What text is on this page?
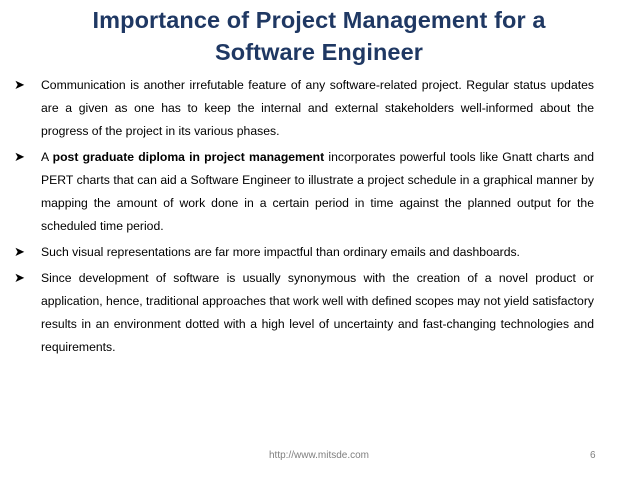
Importance of Project Management for a
Software Engineer
➤ Communication is another irrefutable feature of any software-related project. Regular status updates are a given as one has to keep the internal and external stakeholders well-informed about the progress of the project in its various phases.
➤ A post graduate diploma in project management incorporates powerful tools like Gnatt charts and PERT charts that can aid a Software Engineer to illustrate a project schedule in a graphical manner by mapping the amount of work done in a certain period in time against the planned output for the scheduled time period.
➤ Such visual representations are far more impactful than ordinary emails and dashboards.
➤ Since development of software is usually synonymous with the creation of a novel product or application, hence, traditional approaches that work well with defined scopes may not yield satisfactory results in an environment dotted with a high level of uncertainty and fast-changing technologies and requirements.
http://www.mitsde.com	6
